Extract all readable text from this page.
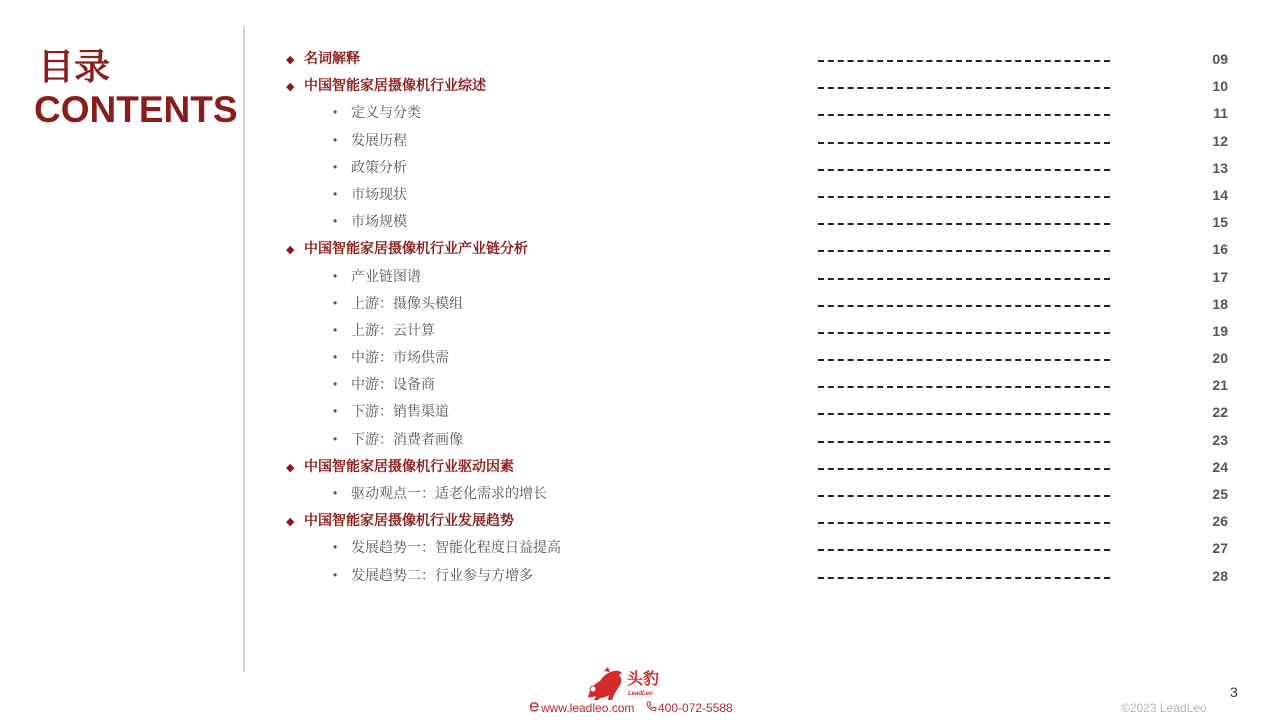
目录
CONTENTS
◆ 名词解释	09
◆ 中国智能家居摄像机行业综述	10
• 定义与分类	11
• 发展历程	12
• 政策分析	13
• 市场现状	14
• 市场规模	15
◆ 中国智能家居摄像机行业产业链分析	16
• 产业链图谱	17
• 上游：摄像头模组	18
• 上游：云计算	19
• 中游：市场供需	20
• 中游：设备商	21
• 下游：销售渠道	22
• 下游：消费者画像	23
◆ 中国智能家居摄像机行业驱动因素	24
• 驱动观点一：适老化需求的增长	25
◆ 中国智能家居摄像机行业发展趋势	26
• 发展趋势一：智能化程度日益提高	27
• 发展趋势二：行业参与方增多	28
头豹
LeadLeo
www.leadleo.com	400-072-5588
3
©2023 LeadLeo
